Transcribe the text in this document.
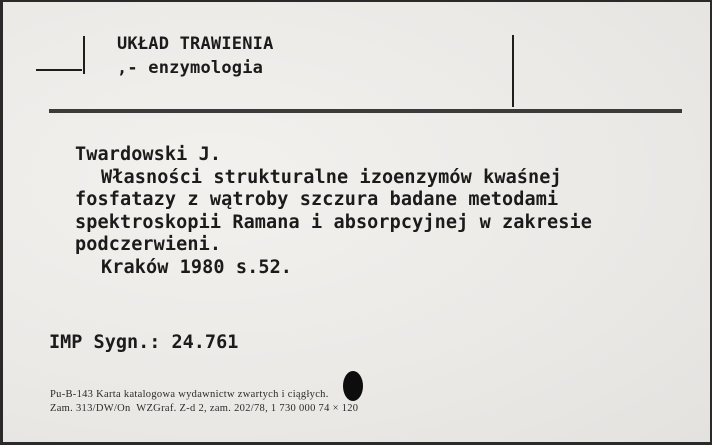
UKŁAD TRAWIENIA
,- enzymologia
Twardowski J.
Własności strukturalne izoenzymów kwaśnej
fosfatazy z wątroby szczura badane metodami
spektroskopii Ramana i absorpcyjnej w zakresie
podczerwieni.
Kraków 1980 s.52.
IMP Sygn.: 24.761
Pu-B-143 Karta katalogowa wydawnictw zwartych i ciągłych.
Zam. 313/DW/On  WZGraf. Z-d 2, zam. 202/78, 1 730 000 74 × 120
